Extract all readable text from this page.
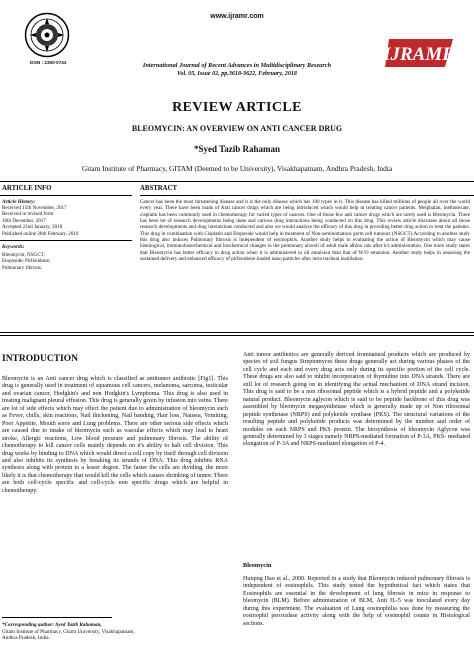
www.ijramr.com
ISSN : 2350-0743	International Journal of Recent Advances in Multidisciplinary Research
Vol. 05, Issue 02, pp.3618-3622, February, 2018
IJRAMR
REVIEW ARTICLE
BLEOMYCIN: AN OVERVIEW ON ANTI CANCER DRUG
*Syed Tazib Rahaman
Gitam Institute of Pharmacy, GITAM (Deemed to be University), Visakhapatnam, Andhra Pradesh, India
ARTICLE INFO	ABSTRACT
Article History:
Received 15th November, 2017
Received in revised form
10th December, 2017
Accepted 22nd January, 2018
Published online 28th February, 2018
Keywords:
Bleomycin; NSGCT;
Etoposide; Pirfenidone;
Pulmonary fibrosis.
Cancer has been the most threatening disease and it is the only disease which has 100 types in it. This disease has killed millions of people all over the world every year. There have been loads of Anti cancer drugs which are being introduced which would help in treating cancer patients. Melphalan, methotexate, cisplatin has been commonly used in chemotherapy for varied types of cancers. One of those few anti cancer drugs which are rarely used is Bleomycin. There has been lot of research developments being done and various drug interactions being conducted on this drug. This review article discusses about all those research developments and drug interactions conducted and also we would analyze the efficacy of this drug in providing better drug action to treat the patients. This drug in combination with Cisplatin and Etoposide would help in treatment of Non-seminomatous germ cell tumours (NSGCT).According to another study this drug also induces Pulmonary fibrosis is independent of eosinophils. Another study helps in evaluating the action of Bleomycin which may cause histological, immunohistochemical and biochemical changes in the pulmonary alveoli of adult male albino rats after it's administration. One more study states that Bleomycin has better efficacy in drug action when it is administered in oil emulsion than that of W/O emulsion. Another study helps in assessing the sustained delivery and enhanced efficacy of pirfenidone-loaded nano particles after intra tracheal instillation.
INTRODUCTION
Bleomycin is an Anti cancer drug which is classified as antitumor antibiotic [Fig1]. This drug is generally used in treatment of squamous cell cancers, melanoma, sarcoma, testicular and ovarian cancer, Hodgkin's and non Hodgkin's Lymphoma. This drug is also used in treating malignant pleural effusion. This drug is generally given by infusion into veins. There are lot of side effects which may effect the patient due to administration of bleomycin such as Fever, chills, skin reactions, Nail thickening, Nail banding, Hair loss, Nausea, Vomiting, Poor Appetite, Mouth sores and Lung problems. There are other serious side effects which are caused due to intake of bleomycin such as vascular effects which may lead to heart stroke, Allergic reactions, Low blood pressure and pulmonary fibrosis. The ability of chemotherapy to kill cancer cells mainly depends on it's ability to halt cell division. This drug works by binding to DNA which would direct a cell copy by itself through cell division and also inhibits its synthesis by breaking its strands of DNA. This drug inhibits RNA synthesis along with protein to a lesser degree. The faster the cells are dividing, the more likely it is that chemotherapy that would kill the cells which causes shrinking of tumor. There are both cell-cycle specific and cell-cycle non specific drugs which are helpful in chemotherapy.
Anti tumor antibiotics are generally derived fromnatural products which are produced by species of soil fungus Streptomyces these drugs generally act during various phases of the cell cycle and each and every drug acts only during its specific portion of the cell cycle. These drugs are also said to inhibit incorporation of thymidine into DNA strands. There are still lot of research going on in identifying the actual mechanism of DNA strand incision. This drug is said to be a non ribosomal peptide which is a hybrid peptide and a polyketide natural product. Bleomycin aglycon which is said to be peptide backbone of this drug was assembled by bleomycin megasynthetase which is generally made up of Non ribosomal peptide synthetase (NRPS) and polyketide synthase (PKS). The structural variations of the resulting peptide and polyketide products was determined by the number and order of modules on each NRPS and PKS protein. The biosynthesis of bleomycin Aglycon was generally determined by 3 stages namely NRPS-mediated formation of P-3A, PKS- mediated elongation of P-3A and NRPS-mediated elongation of P-4.
Bleomycin
Huiqing Hao et al., 2000. Reported in a study that Bleomycin induced pulmonary fibrosis is independent of eosinophils. This study tested the hypothetical fact which states that Eosinophils are essential in the development of lung fibrosis in mice in response to bleomycin (BLM). Before administration of BLM, Anti IL-5 was inoculated every day during this experiment. The evaluation of Lung eosinophilia was done by measuring the eosinophil peroxidase activity along with the help of eosinophil counts in Histological sections.
*Corresponding author: Syed Tazib Rahaman,
Gitam Institute of Pharmacy, Gitam University, Visakhapatnam,
Andhra Pradesh, India.
